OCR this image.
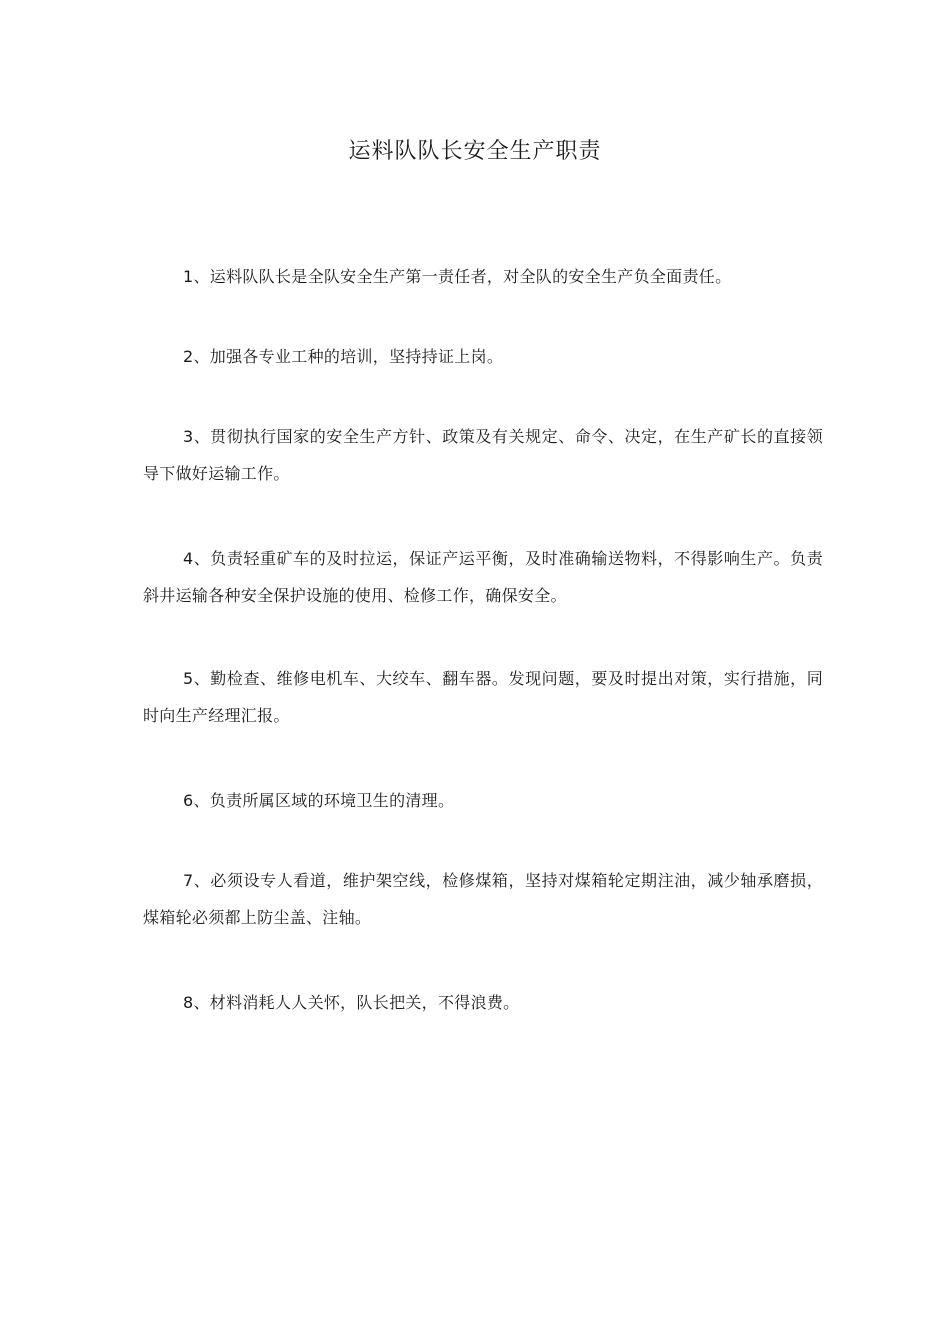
运料队队长安全生产职责

1、运料队队长是全队安全生产第一责任者，对全队的安全生产负全面责任。

2、加强各专业工种的培训，坚持持证上岗。

3、贯彻执行国家的安全生产方针、政策及有关规定、命令、决定，在生产矿长的直接领导下做好运输工作。

4、负责轻重矿车的及时拉运，保证产运平衡，及时准确输送物料，不得影响生产。负责斜井运输各种安全保护设施的使用、检修工作，确保安全。

5、勤检查、维修电机车、大绞车、翻车器。发现问题，要及时提出对策，实行措施，同时向生产经理汇报。

6、负责所属区域的环境卫生的清理。

7、必须设专人看道，维护架空线，检修煤箱，坚持对煤箱轮定期注油，减少轴承磨损，煤箱轮必须都上防尘盖、注轴。

8、材料消耗人人关怀，队长把关，不得浪费。
